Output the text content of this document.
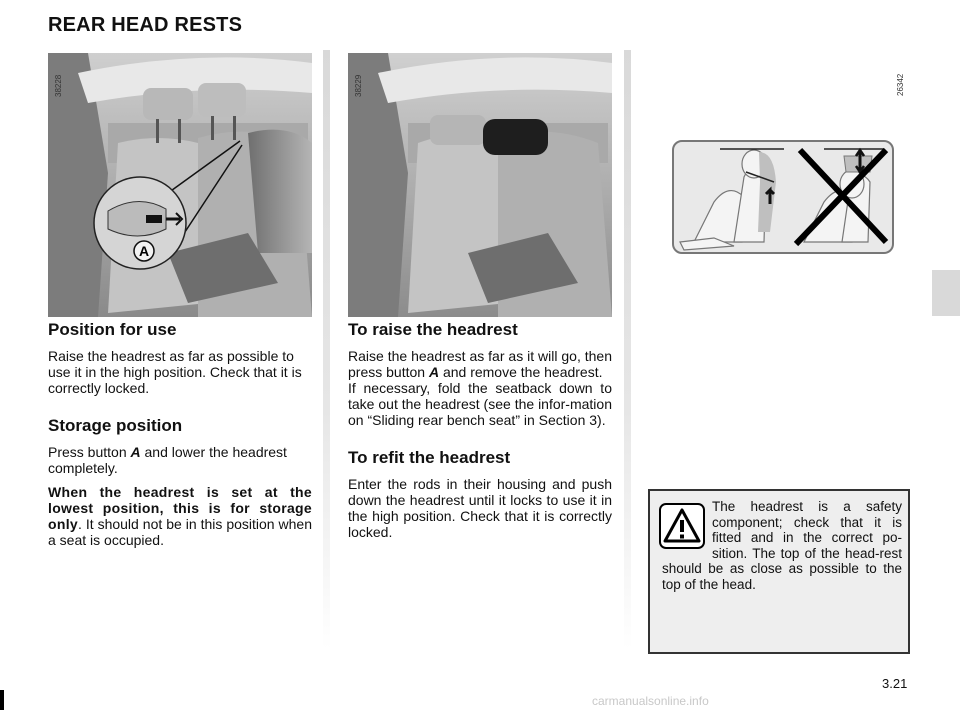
REAR HEAD RESTS
A
38228	38229	26342
Position for use

Raise the headrest as far as possible to use it in the high position. Check that it is correctly locked.

Storage position

Press button A and lower the headrest completely.

When the headrest is set at the lowest position, this is for storage only. It should not be in this position when a seat is occupied.

To raise the headrest

Raise the headrest as far as it will go, then press button A and remove the headrest.

If necessary, fold the seatback down to take out the headrest (see the infor-mation on “Sliding rear bench seat” in Section 3).

To refit the headrest

Enter the rods in their housing and push down the headrest until it locks to use it in the high position. Check that it is correctly locked.

The headrest is a safety component; check that it is fitted and in the correct po-sition. The top of the head-rest should be as close as possible to the top of the head.
3.21
carmanualsonline.info
